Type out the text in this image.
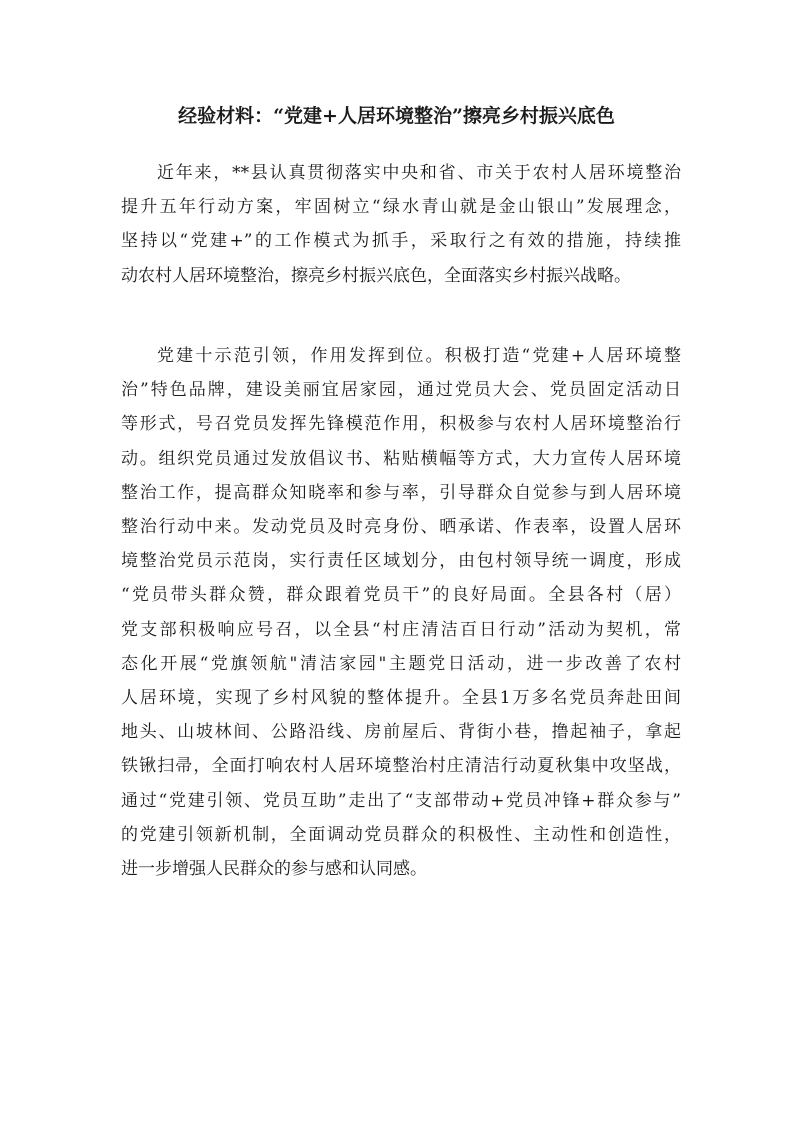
经验材料：“党建+人居环境整治”擦亮乡村振兴底色
近年来，**县认真贯彻落实中央和省、市关于农村人居环境整治
提升五年行动方案，牢固树立“绿水青山就是金山银山”发展理念，
坚持以“党建+”的工作模式为抓手，采取行之有效的措施，持续推
动农村人居环境整治，擦亮乡村振兴底色，全面落实乡村振兴战略。
党建十示范引领，作用发挥到位。积极打造“党建+人居环境整
治”特色品牌，建设美丽宜居家园，通过党员大会、党员固定活动日
等形式，号召党员发挥先锋模范作用，积极参与农村人居环境整治行
动。组织党员通过发放倡议书、粘贴横幅等方式，大力宣传人居环境
整治工作，提高群众知晓率和参与率，引导群众自觉参与到人居环境
整治行动中来。发动党员及时亮身份、晒承诺、作表率，设置人居环
境整治党员示范岗，实行责任区域划分，由包村领导统一调度，形成
“党员带头群众赞，群众跟着党员干”的良好局面。全县各村（居）
党支部积极响应号召，以全县“村庄清洁百日行动”活动为契机，常
态化开展“党旗领航"清洁家园"主题党日活动，进一步改善了农村
人居环境，实现了乡村风貌的整体提升。全县1万多名党员奔赴田间
地头、山坡林间、公路沿线、房前屋后、背街小巷，撸起袖子，拿起
铁锹扫帚，全面打响农村人居环境整治村庄清洁行动夏秋集中攻坚战，
通过“党建引领、党员互助”走出了“支部带动+党员冲锋+群众参与”
的党建引领新机制，全面调动党员群众的积极性、主动性和创造性，
进一步增强人民群众的参与感和认同感。
